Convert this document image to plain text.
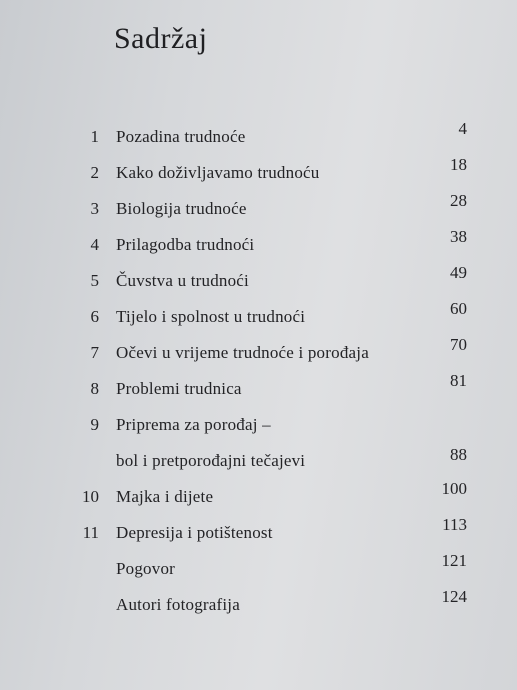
Sadržaj
1 Pozadina trudnoće	4
2 Kako doživljavamo trudnoću	18
3 Biologija trudnoće	28
4 Prilagodba trudnoći	38
5 Čuvstva u trudnoći	49
6 Tijelo i spolnost u trudnoći	60
7 Očevi u vrijeme trudnoće i porođaja	70
8 Problemi trudnica	81
9 Priprema za porođaj –
bol i pretporođajni tečajevi	88
10 Majka i dijete	100
11 Depresija i potištenost	113
Pogovor	121
Autori fotografija	124
